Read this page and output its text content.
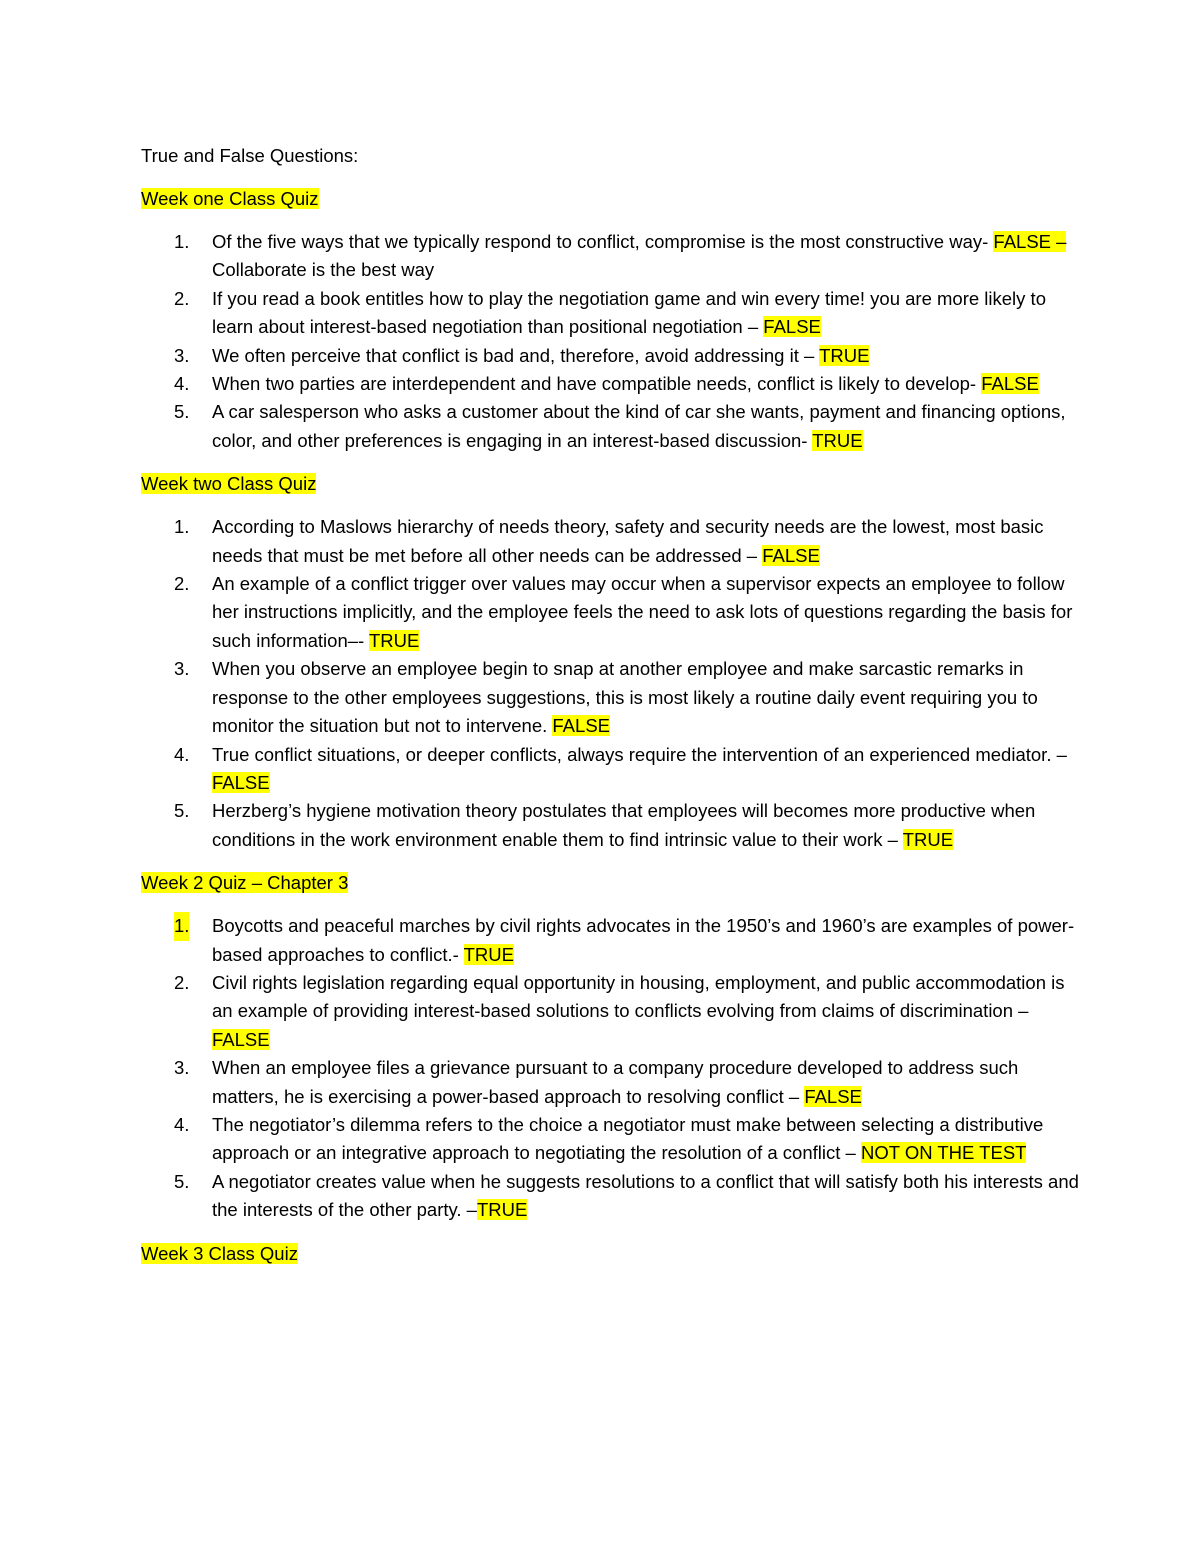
True and False Questions:
Week one Class Quiz
1. Of the five ways that we typically respond to conflict, compromise is the most constructive way- FALSE – Collaborate is the best way
2. If you read a book entitles how to play the negotiation game and win every time! you are more likely to learn about interest-based negotiation than positional negotiation – FALSE
3. We often perceive that conflict is bad and, therefore, avoid addressing it – TRUE
4. When two parties are interdependent and have compatible needs, conflict is likely to develop- FALSE
5. A car salesperson who asks a customer about the kind of car she wants, payment and financing options, color, and other preferences is engaging in an interest-based discussion- TRUE
Week two Class Quiz
1. According to Maslows hierarchy of needs theory, safety and security needs are the lowest, most basic needs that must be met before all other needs can be addressed – FALSE
2. An example of a conflict trigger over values may occur when a supervisor expects an employee to follow her instructions implicitly, and the employee feels the need to ask lots of questions regarding the basis for such information–- TRUE
3. When you observe an employee begin to snap at another employee and make sarcastic remarks in response to the other employees suggestions, this is most likely a routine daily event requiring you to monitor the situation but not to intervene. FALSE
4. True conflict situations, or deeper conflicts, always require the intervention of an experienced mediator. – FALSE
5. Herzberg’s hygiene motivation theory postulates that employees will becomes more productive when conditions in the work environment enable them to find intrinsic value to their work – TRUE
Week 2 Quiz – Chapter 3
1. Boycotts and peaceful marches by civil rights advocates in the 1950’s and 1960’s are examples of power-based approaches to conflict.- TRUE
2. Civil rights legislation regarding equal opportunity in housing, employment, and public accommodation is an example of providing interest-based solutions to conflicts evolving from claims of discrimination – FALSE
3. When an employee files a grievance pursuant to a company procedure developed to address such matters, he is exercising a power-based approach to resolving conflict – FALSE
4. The negotiator’s dilemma refers to the choice a negotiator must make between selecting a distributive approach or an integrative approach to negotiating the resolution of a conflict – NOT ON THE TEST
5. A negotiator creates value when he suggests resolutions to a conflict that will satisfy both his interests and the interests of the other party. –TRUE
Week 3 Class Quiz
